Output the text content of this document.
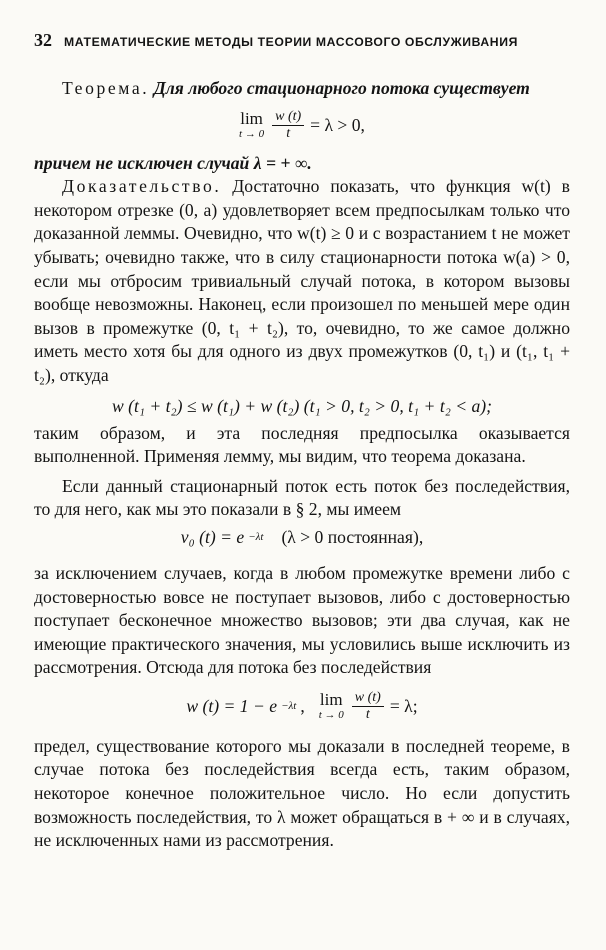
32 МАТЕМАТИЧЕСКИЕ МЕТОДЫ ТЕОРИИ МАССОВОГО ОБСЛУЖИВАНИЯ

Теорема. Для любого стационарного потока существует

lim
$t \to 0 \frac{w (t)}{t} = \lambda > 0$,

причем не исключен случай λ = + ∞.

Доказательство. Достаточно показать, что функция w(t) в некотором отрезке (0, a) удовлетворяет всем предпосылкам только что доказанной леммы. Очевидно, что w(t) ≥ 0 и с возрастанием t не может убывать; очевидно также, что в силу стационарности потока w(a) > 0, если мы отбросим тривиальный случай потока, в котором вызовы вообще невозможны. Наконец, если произошел по меньшей мере один вызов в промежутке (0, t₁ + t₂), то, очевидно, то же самое должно иметь место хотя бы для одного из двух промежутков (0, t₁) и (t₁, t₁ + t₂), откуда

w (t₁ + t₂) ≤ w (t₁) + w (t₂) (t₁ > 0, t₂ > 0, t₁ + t₂ < a);

таким образом, и эта последняя предпосылка оказывается выполненной. Применяя лемму, мы видим, что теорема доказана.

Если данный стационарный поток есть поток без последействия, то для него, как мы это показали в § 2, мы имеем

v₀ (t) = e −λt (λ > 0 постоянная),

за исключением случаев, когда в любом промежутке времени либо с достоверностью вовсе не поступает вызовов, либо с достоверностью поступает бесконечное множество вызовов; эти два случая, как не имеющие практического значения, мы условились выше исключить из рассмотрения. Отсюда для потока без последействия

w (t) = 1 − e −λt , lim
$t \to 0 \frac{w (t)}{t} = \lambda$;

предел, существование которого мы доказали в последней теореме, в случае потока без последействия всегда есть, таким образом, некоторое конечное положительное число. Но если допустить возможность последействия, то λ может обращаться в + ∞ и в случаях, не исключенных нами из рассмотрения.
